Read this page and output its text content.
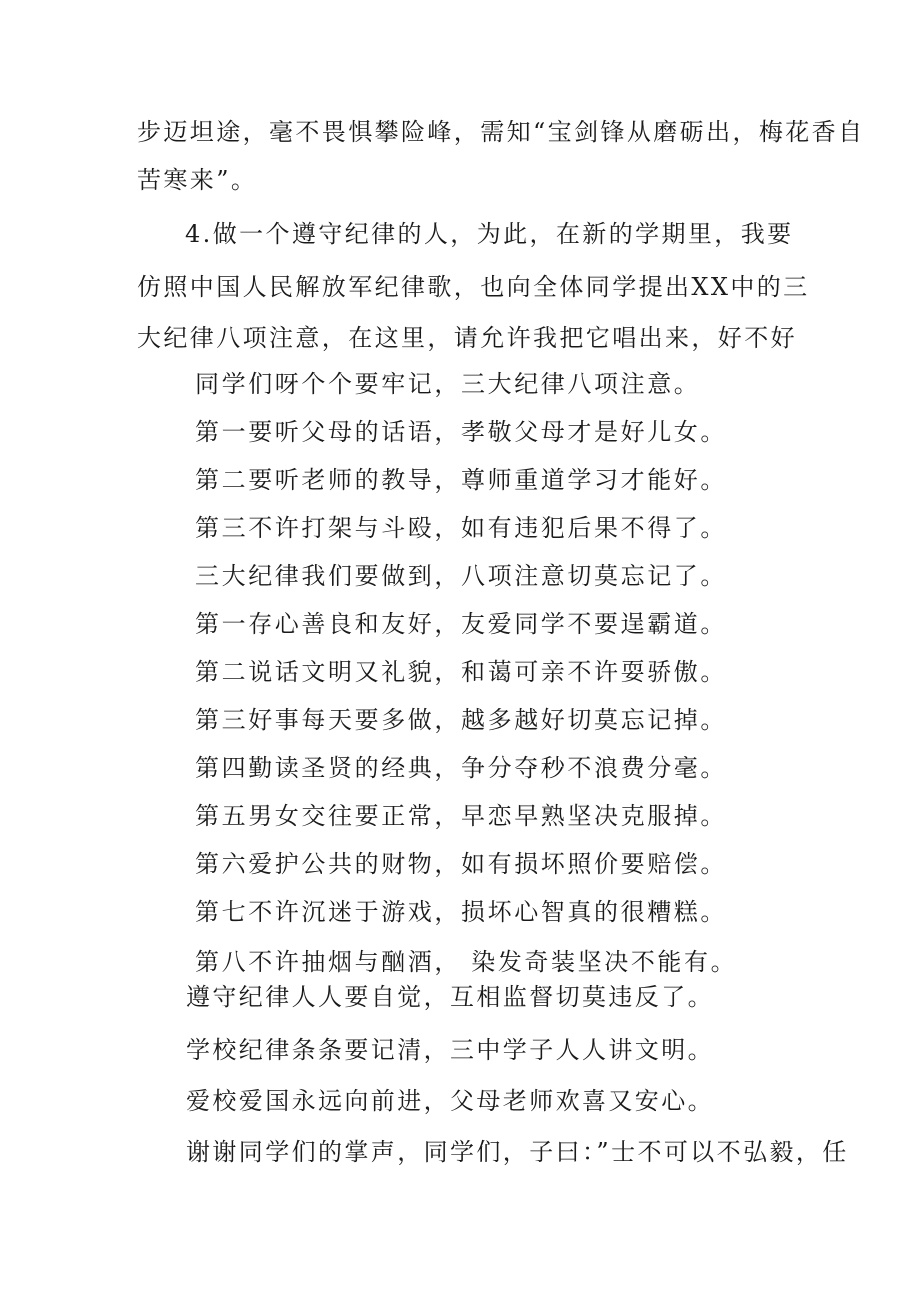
步迈坦途，毫不畏惧攀险峰，需知“宝剑锋从磨砺出，梅花香自
苦寒来”。
4.做一个遵守纪律的人，为此，在新的学期里，我要
仿照中国人民解放军纪律歌，也向全体同学提出XX中的三
大纪律八项注意，在这里，请允许我把它唱出来，好不好
同学们呀个个要牢记，三大纪律八项注意。
第一要听父母的话语，孝敬父母才是好儿女。
第二要听老师的教导，尊师重道学习才能好。
第三不许打架与斗殴，如有违犯后果不得了。
三大纪律我们要做到，八项注意切莫忘记了。
第一存心善良和友好，友爱同学不要逞霸道。
第二说话文明又礼貌，和蔼可亲不许耍骄傲。
第三好事每天要多做，越多越好切莫忘记掉。
第四勤读圣贤的经典，争分夺秒不浪费分毫。
第五男女交往要正常，早恋早熟坚决克服掉。
第六爱护公共的财物，如有损坏照价要赔偿。
第七不许沉迷于游戏，损坏心智真的很糟糕。
第八不许抽烟与酗酒， 染发奇装坚决不能有。
遵守纪律人人要自觉，互相监督切莫违反了。
学校纪律条条要记清，三中学子人人讲文明。
爱校爱国永远向前进，父母老师欢喜又安心。
谢谢同学们的掌声，同学们，子曰：”士不可以不弘毅，任
